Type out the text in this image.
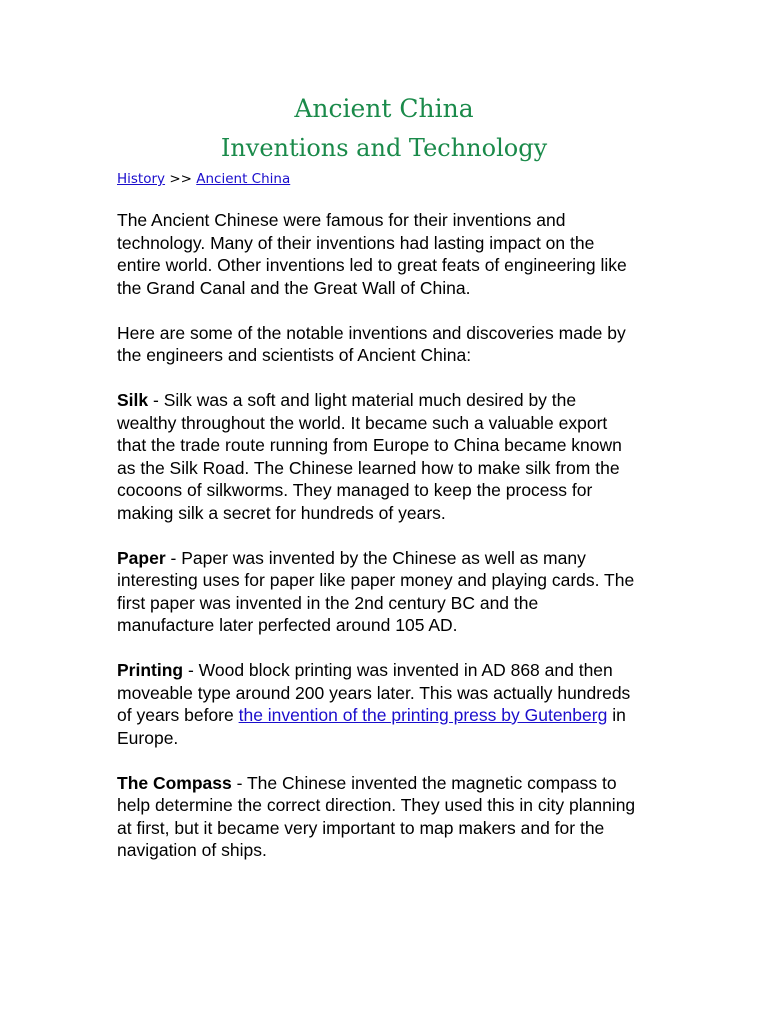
Ancient China
Inventions and Technology
History >> Ancient China

The Ancient Chinese were famous for their inventions and technology. Many of their inventions had lasting impact on the entire world. Other inventions led to great feats of engineering like the Grand Canal and the Great Wall of China.

Here are some of the notable inventions and discoveries made by the engineers and scientists of Ancient China:

Silk - Silk was a soft and light material much desired by the wealthy throughout the world. It became such a valuable export that the trade route running from Europe to China became known as the Silk Road. The Chinese learned how to make silk from the cocoons of silkworms. They managed to keep the process for making silk a secret for hundreds of years.

Paper - Paper was invented by the Chinese as well as many interesting uses for paper like paper money and playing cards. The first paper was invented in the 2nd century BC and the manufacture later perfected around 105 AD.

Printing - Wood block printing was invented in AD 868 and then moveable type around 200 years later. This was actually hundreds of years before the invention of the printing press by Gutenberg in Europe.

The Compass - The Chinese invented the magnetic compass to help determine the correct direction. They used this in city planning at first, but it became very important to map makers and for the navigation of ships.
